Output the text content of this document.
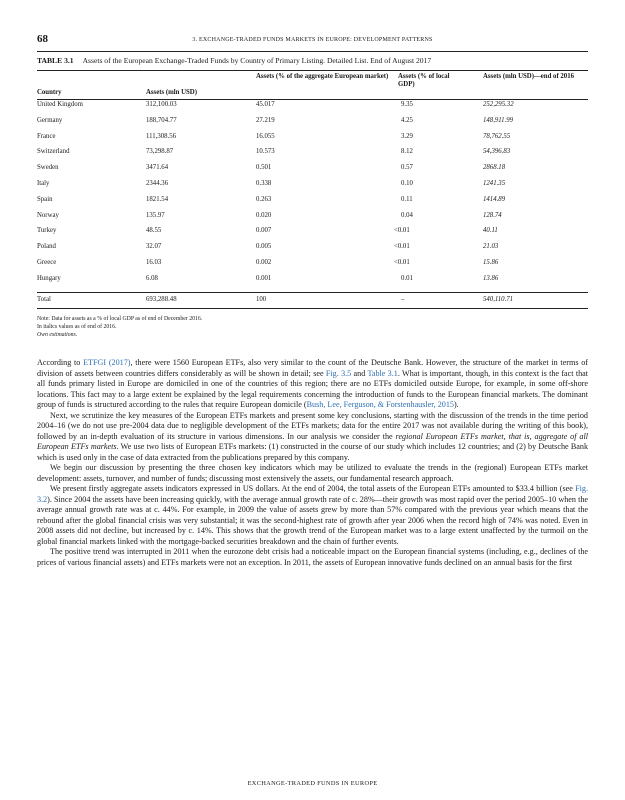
68	3. EXCHANGE-TRADED FUNDS MARKETS IN EUROPE: DEVELOPMENT PATTERNS
TABLE 3.1 Assets of the European Exchange-Traded Funds by Country of Primary Listing. Detailed List. End of August 2017
Country	Assets (mln USD)
Assets (% of the aggregate European market)	Assets (% of local GDP)
Assets (mln USD)—end of 2016
United Kingdom	312,100.03	45.017	9.35	252,295.32
Germany	188,704.77	27.219	4.25	148,911.99
France	111,308.56	16.055	3.29	78,762.55
Switzerland	73,298.87	10.573	8.12	54,396.83
Sweden	3471.64	0.501	0.57	2868.18
Italy	2344.36	0.338	0.10	1241.35
Spain	1821.54	0.263	0.11	1414.89
Norway	135.97	0.020	0.04	128.74
Turkey	48.55	0.007	<0.01	40.11
Poland	32.07	0.005	<0.01	21.03
Greece	16.03	0.002	<0.01	15.86
Hungary	6.08	0.001	0.01	13.86
Total	693,288.48	100	–	540,110.71
Note: Data for assets as a % of local GDP as of end of December 2016.
In italics values as of end of 2016.
Own estimations.

According to ETFGI (2017), there were 1560 European ETFs, also very similar to the count of the Deutsche Bank. However, the structure of the market in terms of division of assets between countries differs considerably as will be shown in detail; see Fig. 3.5 and Table 3.1. What is important, though, in this context is the fact that all funds primary listed in Europe are domiciled in one of the countries of this region; there are no ETFs domiciled outside Europe, for example, in some off-shore locations. This fact may to a large extent be explained by the legal requirements concerning the introduction of funds to the European financial markets. The dominant group of funds is structured according to the rules that require European domicile (Bush, Lee, Ferguson, & Forstenhausler, 2015).

Next, we scrutinize the key measures of the European ETFs markets and present some key conclusions, starting with the discussion of the trends in the time period 2004–16 (we do not use pre-2004 data due to negligible development of the ETFs markets; data for the entire 2017 was not available during the writing of this book), followed by an in-depth evaluation of its structure in various dimensions. In our analysis we consider the regional European ETFs market, that is, aggregate of all European ETFs markets. We use two lists of European ETFs markets: (1) constructed in the course of our study which includes 12 countries; and (2) by Deutsche Bank which is used only in the case of data extracted from the publications prepared by this company.

We begin our discussion by presenting the three chosen key indicators which may be utilized to evaluate the trends in the (regional) European ETFs market development: assets, turnover, and number of funds; discussing most extensively the assets, our fundamental research approach.

We present firstly aggregate assets indicators expressed in US dollars. At the end of 2004, the total assets of the European ETFs amounted to $33.4 billion (see Fig. 3.2). Since 2004 the assets have been increasing quickly, with the average annual growth rate of c. 28%—their growth was most rapid over the period 2005–10 when the average annual growth rate was at c. 44%. For example, in 2009 the value of assets grew by more than 57% compared with the previous year which means that the rebound after the global financial crisis was very substantial; it was the second-highest rate of growth after year 2006 when the record high of 74% was noted. Even in 2008 assets did not decline, but increased by c. 14%. This shows that the growth trend of the European market was to a large extent unaffected by the turmoil on the global financial markets linked with the mortgage-backed securities breakdown and the chain of further events.

The positive trend was interrupted in 2011 when the eurozone debt crisis had a noticeable impact on the European financial systems (including, e.g., declines of the prices of various financial assets) and ETFs markets were not an exception. In 2011, the assets of European innovative funds declined on an annual basis for the first

EXCHANGE-TRADED FUNDS IN EUROPE
